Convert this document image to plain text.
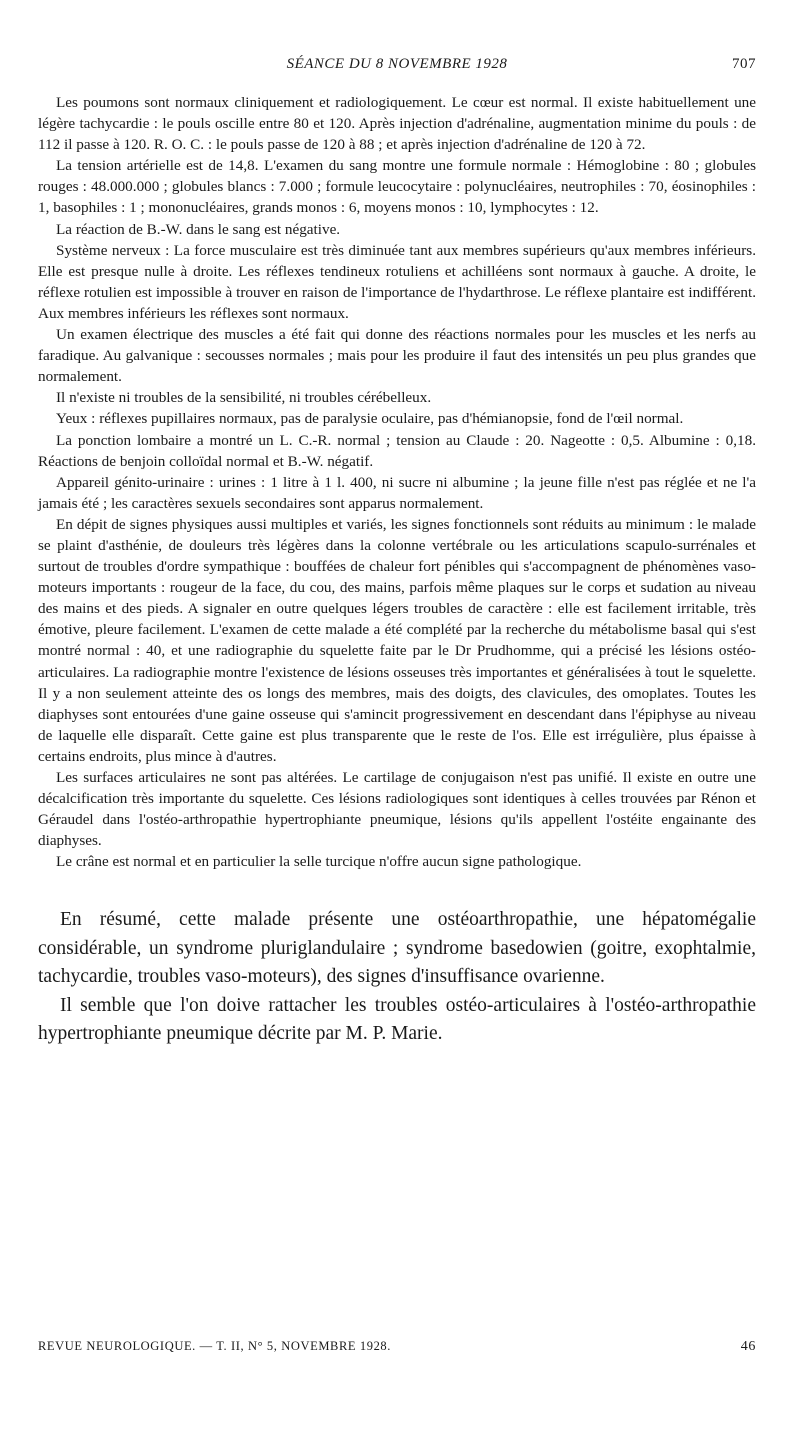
SÉANCE DU 8 NOVEMBRE 1928	707

Les poumons sont normaux cliniquement et radiologiquement. Le cœur est normal. Il existe habituellement une légère tachycardie : le pouls oscille entre 80 et 120. Après injection d'adrénaline, augmentation minime du pouls : de 112 il passe à 120. R. O. C. : le pouls passe de 120 à 88 ; et après injection d'adrénaline de 120 à 72.

La tension artérielle est de 14,8. L'examen du sang montre une formule normale : Hémoglobine : 80 ; globules rouges : 48.000.000 ; globules blancs : 7.000 ; formule leucocytaire : polynucléaires, neutrophiles : 70, éosinophiles : 1, basophiles : 1 ; mononucléaires, grands monos : 6, moyens monos : 10, lymphocytes : 12.

La réaction de B.-W. dans le sang est négative.

Système nerveux : La force musculaire est très diminuée tant aux membres supérieurs qu'aux membres inférieurs. Elle est presque nulle à droite. Les réflexes tendineux rotuliens et achilléens sont normaux à gauche. A droite, le réflexe rotulien est impossible à trouver en raison de l'importance de l'hydarthrose. Le réflexe plantaire est indifférent. Aux membres inférieurs les réflexes sont normaux.

Un examen électrique des muscles a été fait qui donne des réactions normales pour les muscles et les nerfs au faradique. Au galvanique : secousses normales ; mais pour les produire il faut des intensités un peu plus grandes que normalement.

Il n'existe ni troubles de la sensibilité, ni troubles cérébelleux.

Yeux : réflexes pupillaires normaux, pas de paralysie oculaire, pas d'hémianopsie, fond de l'œil normal.

La ponction lombaire a montré un L. C.-R. normal ; tension au Claude : 20. Nageotte : 0,5. Albumine : 0,18. Réactions de benjoin colloïdal normal et B.-W. négatif.

Appareil génito-urinaire : urines : 1 litre à 1 l. 400, ni sucre ni albumine ; la jeune fille n'est pas réglée et ne l'a jamais été ; les caractères sexuels secondaires sont apparus normalement.

En dépit de signes physiques aussi multiples et variés, les signes fonctionnels sont réduits au minimum : le malade se plaint d'asthénie, de douleurs très légères dans la colonne vertébrale ou les articulations scapulo-surrénales et surtout de troubles d'ordre sympathique : bouffées de chaleur fort pénibles qui s'accompagnent de phénomènes vaso-moteurs importants : rougeur de la face, du cou, des mains, parfois même plaques sur le corps et sudation au niveau des mains et des pieds. A signaler en outre quelques légers troubles de caractère : elle est facilement irritable, très émotive, pleure facilement. L'examen de cette malade a été complété par la recherche du métabolisme basal qui s'est montré normal : 40, et une radiographie du squelette faite par le Dr Prudhomme, qui a précisé les lésions ostéo-articulaires. La radiographie montre l'existence de lésions osseuses très importantes et généralisées à tout le squelette. Il y a non seulement atteinte des os longs des membres, mais des doigts, des clavicules, des omoplates. Toutes les diaphyses sont entourées d'une gaine osseuse qui s'amincit progressivement en descendant dans l'épiphyse au niveau de laquelle elle disparaît. Cette gaine est plus transparente que le reste de l'os. Elle est irrégulière, plus épaisse à certains endroits, plus mince à d'autres.

Les surfaces articulaires ne sont pas altérées. Le cartilage de conjugaison n'est pas unifié. Il existe en outre une décalcification très importante du squelette. Ces lésions radiologiques sont identiques à celles trouvées par Rénon et Géraudel dans l'ostéo-arthropathie hypertrophiante pneumique, lésions qu'ils appellent l'ostéite engainante des diaphyses.

Le crâne est normal et en particulier la selle turcique n'offre aucun signe pathologique.

En résumé, cette malade présente une ostéoarthropathie, une hépatomégalie considérable, un syndrome pluriglandulaire ; syndrome basedowien (goitre, exophtalmie, tachycardie, troubles vaso-moteurs), des signes d'insuffisance ovarienne.

Il semble que l'on doive rattacher les troubles ostéo-articulaires à l'ostéo-arthropathie hypertrophiante pneumique décrite par M. P. Marie.

REVUE NEUROLOGIQUE. — T. II, N° 5, NOVEMBRE 1928.	46
